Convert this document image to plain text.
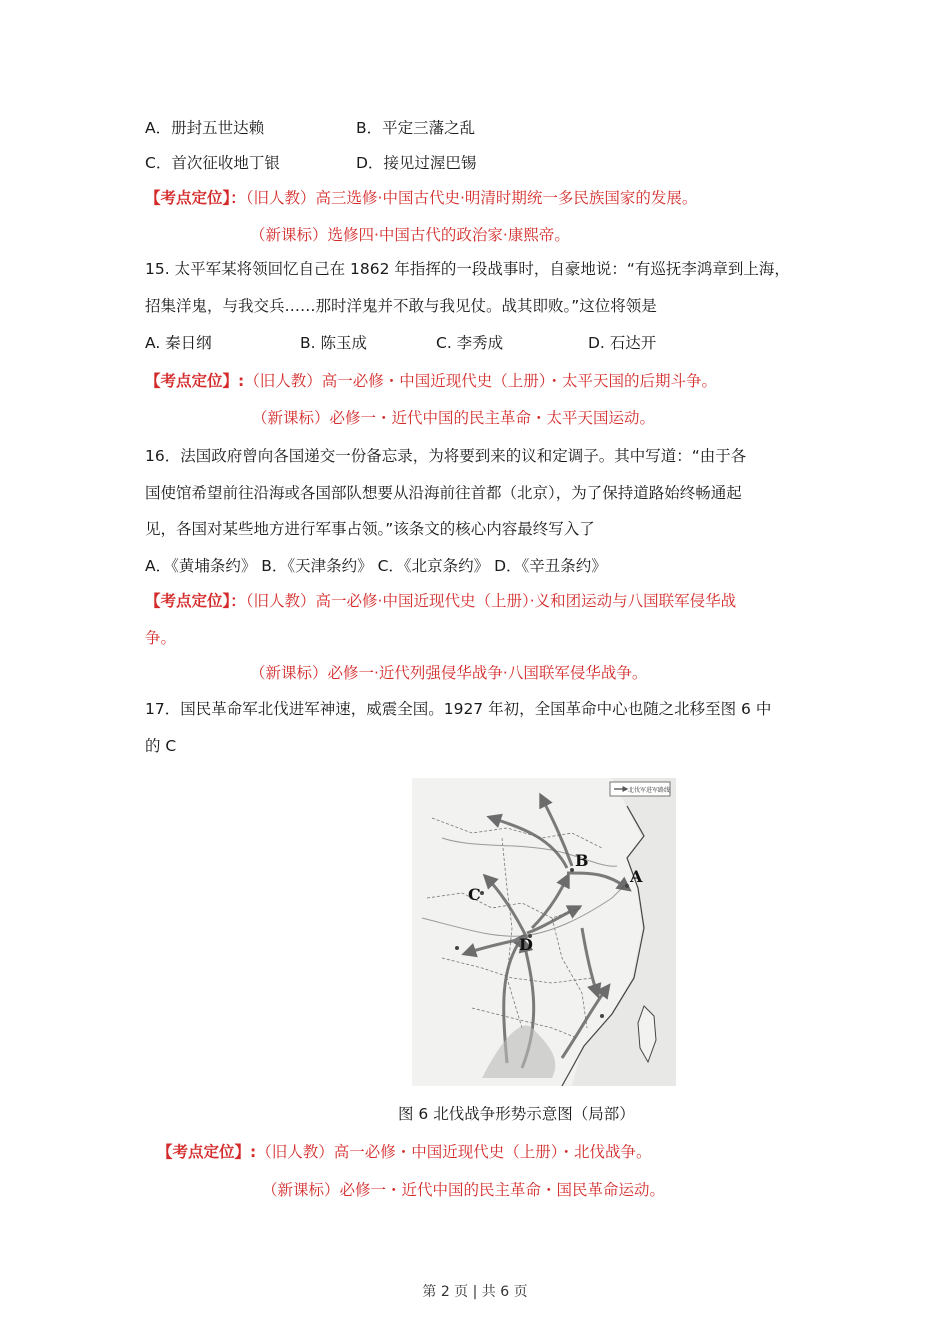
A．册封五世达赖	B．平定三藩之乱
C．首次征收地丁银	D．接见过渥巴锡
【考点定位】：（旧人教）高三选修·中国古代史·明清时期统一多民族国家的发展。
（新课标）选修四·中国古代的政治家·康熙帝。
15. 太平军某将领回忆自己在 1862 年指挥的一段战事时，自豪地说：“有巡抚李鸿章到上海，
招集洋鬼，与我交兵……那时洋鬼并不敢与我见仗。战其即败。”这位将领是
A. 秦日纲	B. 陈玉成	C. 李秀成	D. 石达开
【考点定位】:（旧人教）高一必修・中国近现代史（上册）・太平天国的后期斗争。
（新课标）必修一・近代中国的民主革命・太平天国运动。
16．法国政府曾向各国递交一份备忘录，为将要到来的议和定调子。其中写道：“由于各
国使馆希望前往沿海或各国部队想要从沿海前往首都（北京），为了保持道路始终畅通起
见，各国对某些地方进行军事占领。”该条文的核心内容最终写入了
A．《黄埔条约》 B．《天津条约》 C．《北京条约》 D．《辛丑条约》
【考点定位】：（旧人教）高一必修·中国近现代史（上册）·义和团运动与八国联军侵华战
争。
（新课标）必修一·近代列强侵华战争·八国联军侵华战争。
17．国民革命军北伐进军神速，威震全国。1927 年初，全国革命中心也随之北移至图 6 中
的 C
北伐军进军路线
A
B
C
D
图 6 北伐战争形势示意图（局部）
【考点定位】:（旧人教）高一必修・中国近现代史（上册）・北伐战争。
（新课标）必修一・近代中国的民主革命・国民革命运动。
第 2 页 | 共 6 页
